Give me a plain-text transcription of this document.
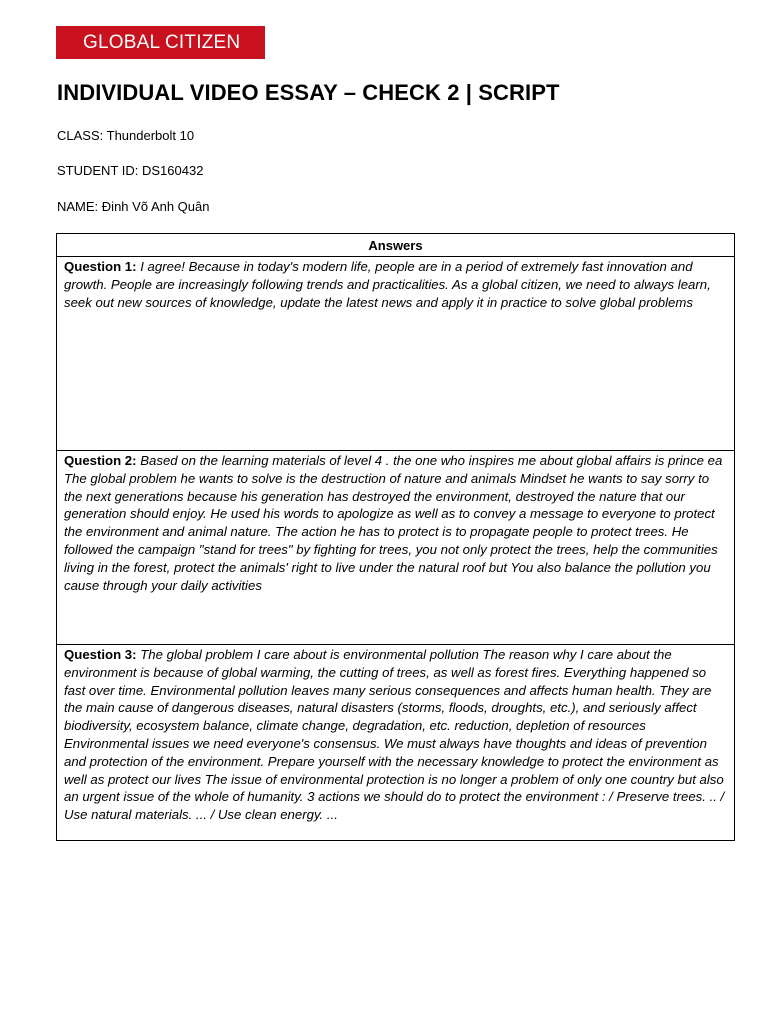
GLOBAL CITIZEN
INDIVIDUAL VIDEO ESSAY – CHECK 2 | SCRIPT
CLASS: Thunderbolt 10
STUDENT ID: DS160432
NAME: Đinh Võ Anh Quân
Answers
Question 1: I agree! Because in today's modern life, people are in a period of extremely fast innovation and growth. People are increasingly following trends and practicalities. As a global citizen, we need to always learn, seek out new sources of knowledge, update the latest news and apply it in practice to solve global problems
Question 2: Based on the learning materials of level 4 . the one who inspires me about global affairs is prince ea The global problem he wants to solve is the destruction of nature and animals Mindset he wants to say sorry to the next generations because his generation has destroyed the environment, destroyed the nature that our generation should enjoy. He used his words to apologize as well as to convey a message to everyone to protect the environment and animal nature. The action he has to protect is to propagate people to protect trees. He followed the campaign "stand for trees" by fighting for trees, you not only protect the trees, help the communities living in the forest, protect the animals' right to live under the natural roof but You also balance the pollution you cause through your daily activities
Question 3: The global problem I care about is environmental pollution The reason why I care about the environment is because of global warming, the cutting of trees, as well as forest fires. Everything happened so fast over time. Environmental pollution leaves many serious consequences and affects human health. They are the main cause of dangerous diseases, natural disasters (storms, floods, droughts, etc.), and seriously affect biodiversity, ecosystem balance, climate change, degradation, etc. reduction, depletion of resources Environmental issues we need everyone's consensus. We must always have thoughts and ideas of prevention and protection of the environment. Prepare yourself with the necessary knowledge to protect the environment as well as protect our lives The issue of environmental protection is no longer a problem of only one country but also an urgent issue of the whole of humanity. 3 actions we should do to protect the environment : / Preserve trees. .. / Use natural materials. ... / Use clean energy. ...
